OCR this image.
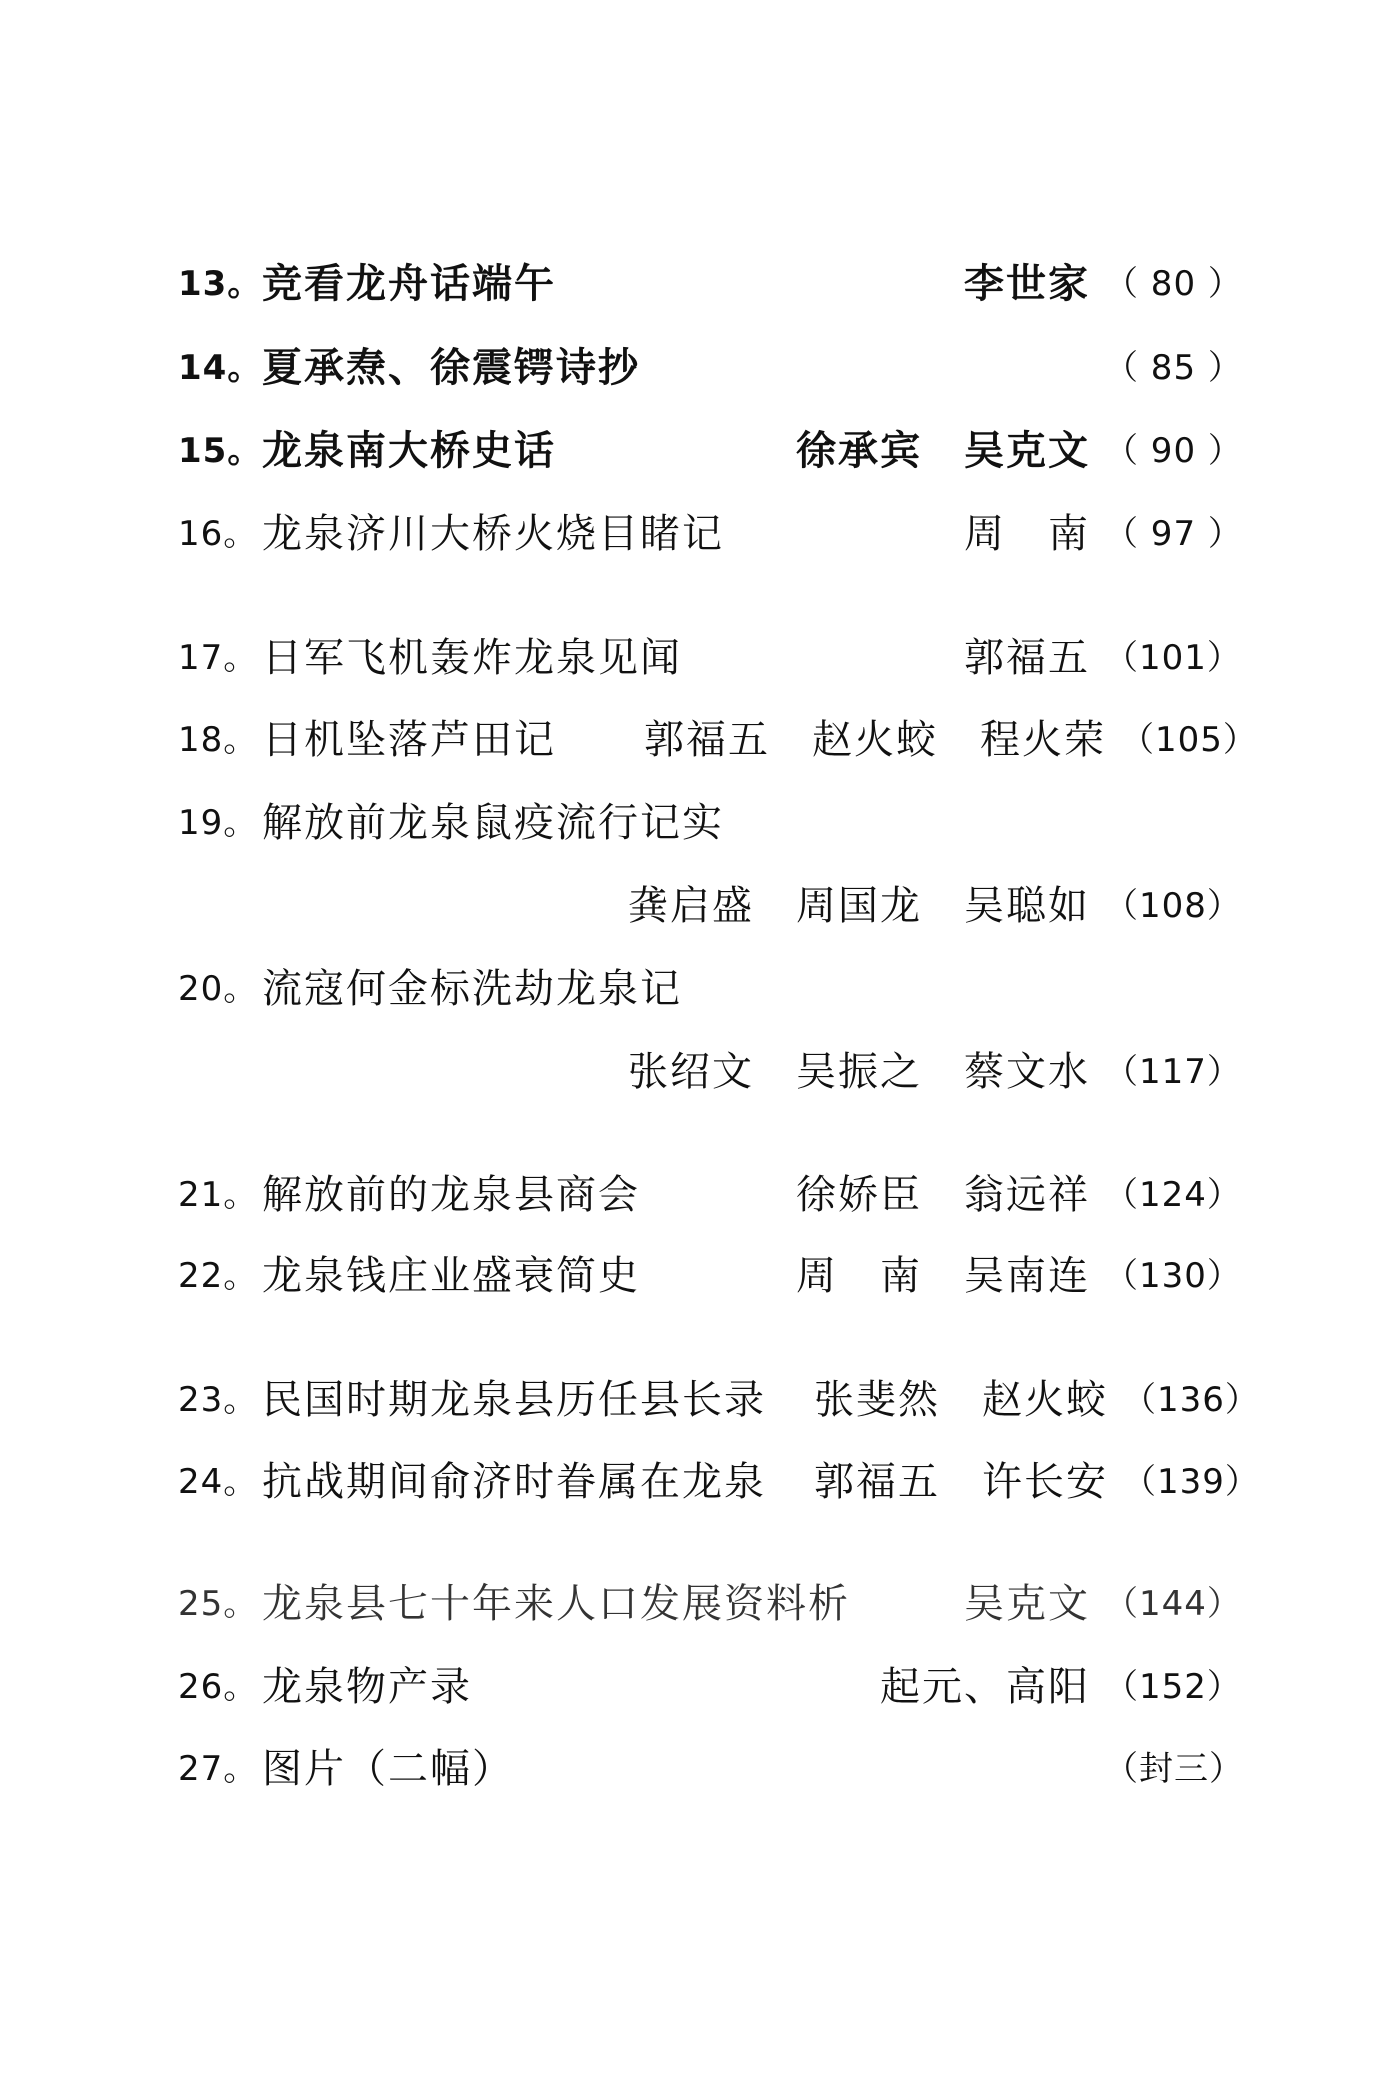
13。 竞看龙舟话端午	李世家 （ 80 ）
14。 夏承焘、徐震锷诗抄	（ 85 ）
15。 龙泉南大桥史话	徐承宾　吴克文 （ 90 ）
16。 龙泉济川大桥火烧目睹记	周　南 （ 97 ）
17。 日军飞机轰炸龙泉见闻	郭福五 （101）
18。 日机坠落芦田记 郭福五　赵火蛟　程火荣 （105）
19。 解放前龙泉鼠疫流行记实
龚启盛　周国龙　吴聪如 （108）
20。 流寇何金标洗劫龙泉记
张绍文　吴振之　蔡文水 （117）
21。 解放前的龙泉县商会	徐娇臣　翁远祥 （124）
22。 龙泉钱庄业盛衰简史	周　南　吴南连 （130）
23。 民国时期龙泉县历任县长录 张斐然　赵火蛟 （136）
24。 抗战期间俞济时眷属在龙泉 郭福五　许长安 （139）
25。 龙泉县七十年来人口发展资料析	吴克文 （144）
26。 龙泉物产录	起元、高阳 （152）
27。 图片（二幅）	（封三）
